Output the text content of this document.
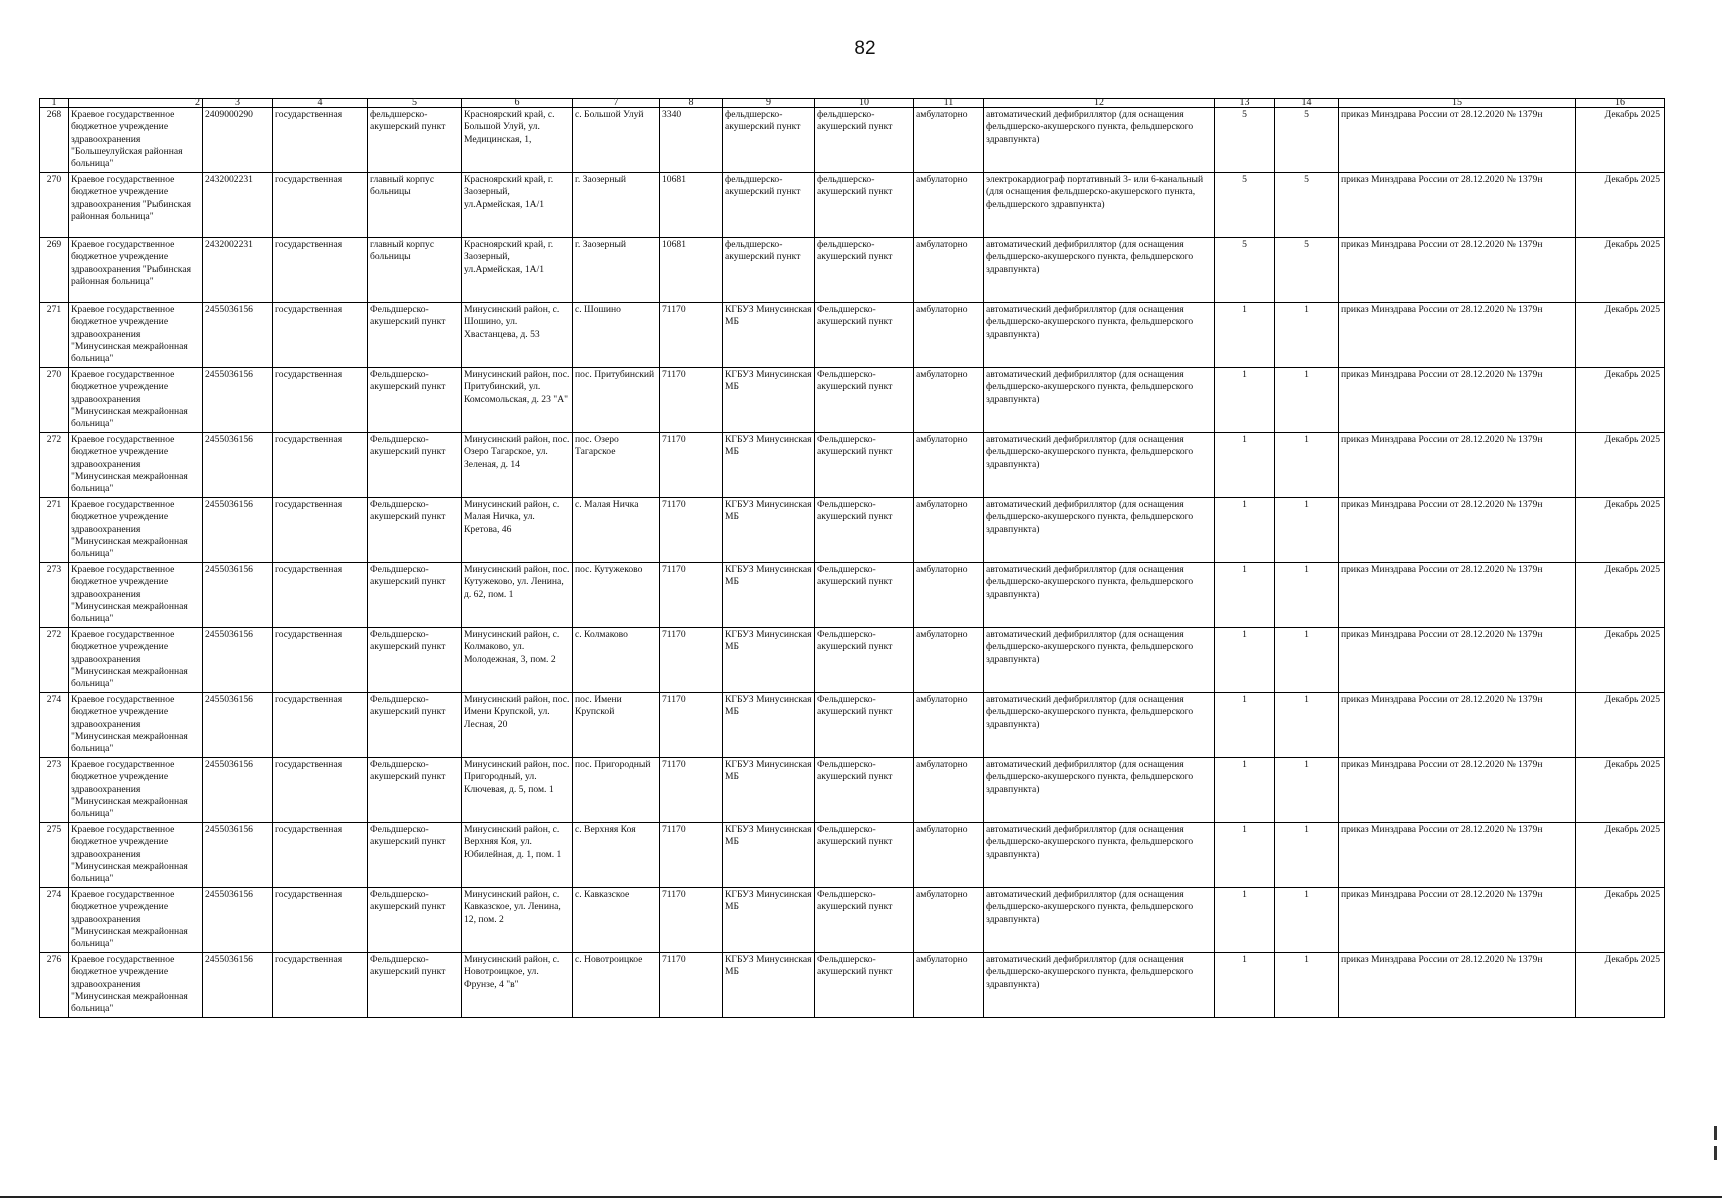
82
1	2	3	4	5	6	7	8	9	10	11	12	13	14	15	16
268	Краевое государственное бюджетное учреждение здравоохранения "Большеулуйская районная больница"	2409000290	государственная	фельдшерско-акушерский пункт	Красноярский край, с. Большой Улуй, ул. Медицинская, 1,	с. Большой Улуй	3340	фельдшерско-акушерский пункт	фельдшерско-акушерский пункт	амбулаторно	автоматический дефибриллятор (для оснащения фельдшерско-акушерского пункта, фельдшерского здравпункта)	5	5	приказ Минздрава России от 28.12.2020 № 1379н	Декабрь 2025
270	Краевое государственное бюджетное учреждение здравоохранения "Рыбинская районная больница"	2432002231	государственная	главный корпус больницы	Красноярский край, г. Заозерный, ул.Армейская, 1А/1	г. Заозерный	10681	фельдшерско-акушерский пункт	фельдшерско-акушерский пункт	амбулаторно	электрокардиограф портативный 3- или 6-канальный (для оснащения фельдшерско-акушерского пункта, фельдшерского здравпункта)	5	5	приказ Минздрава России от 28.12.2020 № 1379н	Декабрь 2025
269	Краевое государственное бюджетное учреждение здравоохранения "Рыбинская районная больница"	2432002231	государственная	главный корпус больницы	Красноярский край, г. Заозерный, ул.Армейская, 1А/1	г. Заозерный	10681	фельдшерско-акушерский пункт	фельдшерско-акушерский пункт	амбулаторно	автоматический дефибриллятор (для оснащения фельдшерско-акушерского пункта, фельдшерского здравпункта)	5	5	приказ Минздрава России от 28.12.2020 № 1379н	Декабрь 2025
271	Краевое государственное бюджетное учреждение здравоохранения "Минусинская межрайонная больница"	2455036156	государственная	Фельдшерско-акушерский пункт	Минусинский район, с. Шошино, ул. Хвастанцева, д. 53	с. Шошино	71170	КГБУЗ Минусинская МБ	Фельдшерско-акушерский пункт	амбулаторно	автоматический дефибриллятор (для оснащения фельдшерско-акушерского пункта, фельдшерского здравпункта)	1	1	приказ Минздрава России от 28.12.2020 № 1379н	Декабрь 2025
270	Краевое государственное бюджетное учреждение здравоохранения "Минусинская межрайонная больница"	2455036156	государственная	Фельдшерско-акушерский пункт	Минусинский район, пос. Притубинский, ул. Комсомольская, д. 23 "А"	пос. Притубинский	71170	КГБУЗ Минусинская МБ	Фельдшерско-акушерский пункт	амбулаторно	автоматический дефибриллятор (для оснащения фельдшерско-акушерского пункта, фельдшерского здравпункта)	1	1	приказ Минздрава России от 28.12.2020 № 1379н	Декабрь 2025
272	Краевое государственное бюджетное учреждение здравоохранения "Минусинская межрайонная больница"	2455036156	государственная	Фельдшерско-акушерский пункт	Минусинский район, пос. Озеро Тагарское, ул. Зеленая, д. 14	пос. Озеро Тагарское	71170	КГБУЗ Минусинская МБ	Фельдшерско-акушерский пункт	амбулаторно	автоматический дефибриллятор (для оснащения фельдшерско-акушерского пункта, фельдшерского здравпункта)	1	1	приказ Минздрава России от 28.12.2020 № 1379н	Декабрь 2025
271	Краевое государственное бюджетное учреждение здравоохранения "Минусинская межрайонная больница"	2455036156	государственная	Фельдшерско-акушерский пункт	Минусинский район, с. Малая Ничка, ул. Кретова, 46	с. Малая Ничка	71170	КГБУЗ Минусинская МБ	Фельдшерско-акушерский пункт	амбулаторно	автоматический дефибриллятор (для оснащения фельдшерско-акушерского пункта, фельдшерского здравпункта)	1	1	приказ Минздрава России от 28.12.2020 № 1379н	Декабрь 2025
273	Краевое государственное бюджетное учреждение здравоохранения "Минусинская межрайонная больница"	2455036156	государственная	Фельдшерско-акушерский пункт	Минусинский район, пос. Кутужеково, ул. Ленина, д. 62, пом. 1	пос. Кутужеково	71170	КГБУЗ Минусинская МБ	Фельдшерско-акушерский пункт	амбулаторно	автоматический дефибриллятор (для оснащения фельдшерско-акушерского пункта, фельдшерского здравпункта)	1	1	приказ Минздрава России от 28.12.2020 № 1379н	Декабрь 2025
272	Краевое государственное бюджетное учреждение здравоохранения "Минусинская межрайонная больница"	2455036156	государственная	Фельдшерско-акушерский пункт	Минусинский район, с. Колмаково, ул. Молодежная, 3, пом. 2	с. Колмаково	71170	КГБУЗ Минусинская МБ	Фельдшерско-акушерский пункт	амбулаторно	автоматический дефибриллятор (для оснащения фельдшерско-акушерского пункта, фельдшерского здравпункта)	1	1	приказ Минздрава России от 28.12.2020 № 1379н	Декабрь 2025
274	Краевое государственное бюджетное учреждение здравоохранения "Минусинская межрайонная больница"	2455036156	государственная	Фельдшерско-акушерский пункт	Минусинский район, пос. Имени Крупской, ул. Лесная, 20	пос. Имени Крупской	71170	КГБУЗ Минусинская МБ	Фельдшерско-акушерский пункт	амбулаторно	автоматический дефибриллятор (для оснащения фельдшерско-акушерского пункта, фельдшерского здравпункта)	1	1	приказ Минздрава России от 28.12.2020 № 1379н	Декабрь 2025
273	Краевое государственное бюджетное учреждение здравоохранения "Минусинская межрайонная больница"	2455036156	государственная	Фельдшерско-акушерский пункт	Минусинский район, пос. Пригородный, ул. Ключевая, д. 5, пом. 1	пос. Пригородный	71170	КГБУЗ Минусинская МБ	Фельдшерско-акушерский пункт	амбулаторно	автоматический дефибриллятор (для оснащения фельдшерско-акушерского пункта, фельдшерского здравпункта)	1	1	приказ Минздрава России от 28.12.2020 № 1379н	Декабрь 2025
275	Краевое государственное бюджетное учреждение здравоохранения "Минусинская межрайонная больница"	2455036156	государственная	Фельдшерско-акушерский пункт	Минусинский район, с. Верхняя Коя, ул. Юбилейная, д. 1, пом. 1	с. Верхняя Коя	71170	КГБУЗ Минусинская МБ	Фельдшерско-акушерский пункт	амбулаторно	автоматический дефибриллятор (для оснащения фельдшерско-акушерского пункта, фельдшерского здравпункта)	1	1	приказ Минздрава России от 28.12.2020 № 1379н	Декабрь 2025
274	Краевое государственное бюджетное учреждение здравоохранения "Минусинская межрайонная больница"	2455036156	государственная	Фельдшерско-акушерский пункт	Минусинский район, с. Кавказское, ул. Ленина, 12, пом. 2	с. Кавказское	71170	КГБУЗ Минусинская МБ	Фельдшерско-акушерский пункт	амбулаторно	автоматический дефибриллятор (для оснащения фельдшерско-акушерского пункта, фельдшерского здравпункта)	1	1	приказ Минздрава России от 28.12.2020 № 1379н	Декабрь 2025
276	Краевое государственное бюджетное учреждение здравоохранения "Минусинская межрайонная больница"	2455036156	государственная	Фельдшерско-акушерский пункт	Минусинский район, с. Новотроицкое, ул. Фрунзе, 4 "в"	с. Новотроицкое	71170	КГБУЗ Минусинская МБ	Фельдшерско-акушерский пункт	амбулаторно	автоматический дефибриллятор (для оснащения фельдшерско-акушерского пункта, фельдшерского здравпункта)	1	1	приказ Минздрава России от 28.12.2020 № 1379н	Декабрь 2025
